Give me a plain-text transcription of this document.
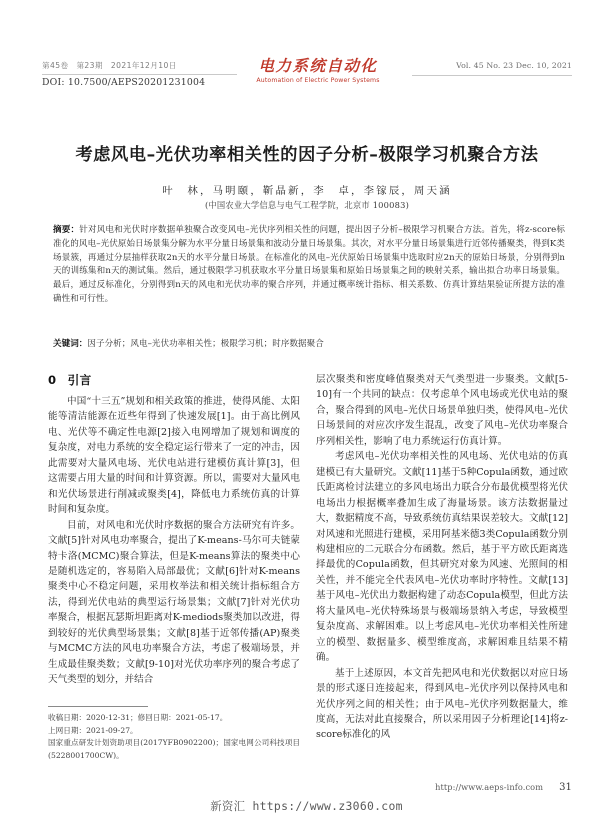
第45卷　第23期　2021年12月10日
DOI: 10.7500/AEPS20201231004
电力系统自动化
Automation of Electric Power Systems
Vol. 45 No. 23 Dec. 10, 2021
考虑风电–光伏功率相关性的因子分析–极限学习机聚合方法
叶　林，马明颐，靳晶新，李　卓，李镓辰，周天涵
(中国农业大学信息与电气工程学院，北京市 100083)
摘要：针对风电和光伏时序数据单独聚合改变风电–光伏序列相关性的问题，提出因子分析–极限学习机聚合方法。首先，将z-score标准化的风电–光伏原始日场景集分解为水平分量日场景集和波动分量日场景集。其次，对水平分量日场景集进行近邻传播聚类，得到K类场景簇，再通过分层抽样获取2n天的水平分量日场景。在标准化的风电–光伏原始日场景集中选取时应2n天的原始日场景，分别得到n天的训练集和n天的测试集。然后，通过极限学习机获取水平分量日场景集和原始日场景集之间的映射关系，输出拟合功率日场景集。最后，通过反标准化，分别得到n天的风电和光伏功率的聚合序列，并通过概率统计指标、相关系数、仿真计算结果验证所提方法的准确性和可行性。
关键词：因子分析；风电–光伏功率相关性；极限学习机；时序数据聚合
0 引言

中国“十三五”规划和相关政策的推进，使得风能、太阳能等清洁能源在近些年得到了快速发展[1]。由于高比例风电、光伏等不确定性电源[2]接入电网增加了规划和调度的复杂度，对电力系统的安全稳定运行带来了一定的冲击，因此需要对大量风电场、光伏电站进行建模仿真计算[3]，但这需要占用大量的时间和计算资源。所以，需要对大量风电和光伏场景进行削减或聚类[4]，降低电力系统仿真的计算时间和复杂度。

目前，对风电和光伏时序数据的聚合方法研究有许多。文献[5]针对风电功率聚合，提出了K-means-马尔可夫链蒙特卡洛(MCMC)聚合算法，但是K-means算法的聚类中心是随机选定的，容易陷入局部最优；文献[6]针对K-means聚类中心不稳定问题，采用枚举法和相关统计指标组合方法，得到光伏电站的典型运行场景集；文献[7]针对光伏功率聚合，根据瓦瑟斯坦距离对K-mediods聚类加以改进，得到较好的光伏典型场景集；文献[8]基于近邻传播(AP)聚类与MCMC方法的风电功率聚合方法，考虑了极端场景，并生成最佳聚类数；文献[9-10]对光伏功率序列的聚合考虑了天气类型的划分，并结合

层次聚类和密度峰值聚类对天气类型进一步聚类。文献[5-10]有一个共同的缺点：仅考虑单个风电场或光伏电站的聚合，聚合得到的风电–光伏日场景单独归类，使得风电–光伏日场景间的对应次序发生混乱，改变了风电–光伏功率聚合序列相关性，影响了电力系统运行仿真计算。

考虑风电–光伏功率相关性的风电场、光伏电站的仿真建模已有大量研究。文献[11]基于5种Copula函数，通过欧氏距离检讨法建立的多风电场出力联合分布最优模型将光伏电场出力根据概率叠加生成了海量场景。该方法数据量过大，数据精度不高，导致系统仿真结果误差较大。文献[12]对风速和光照进行建模，采用阿基米德3类Copula函数分别构建相应的二元联合分布函数。然后，基于平方欧氏距离选择最优的Copula函数，但其研究对象为风速、光照间的相关性，并不能完全代表风电–光伏功率时序特性。文献[13]基于风电–光伏出力数据构建了动态Copula模型，但此方法将大量风电–光伏特殊场景与极端场景纳入考虑，导致模型复杂度高、求解困难。以上考虑风电–光伏功率相关性所建立的模型、数据量多、模型维度高，求解困难且结果不精确。

基于上述原因，本文首先把风电和光伏数据以对应日场景的形式逐日连接起来，得到风电–光伏序列以保持风电和光伏序列之间的相关性；由于风电–光伏序列数据量大，维度高，无法对此直接聚合，所以采用因子分析理论[14]将z-score标准化的风

收稿日期：2020-12-31；修回日期：2021-05-17。
上网日期：2021-09-27。
国家重点研发计划资助项目(2017YFB0902200)；国家电网公司科技项目(5228001700CW)。
http://www.aeps-info.com 31
新资汇 https://www.z3060.com
